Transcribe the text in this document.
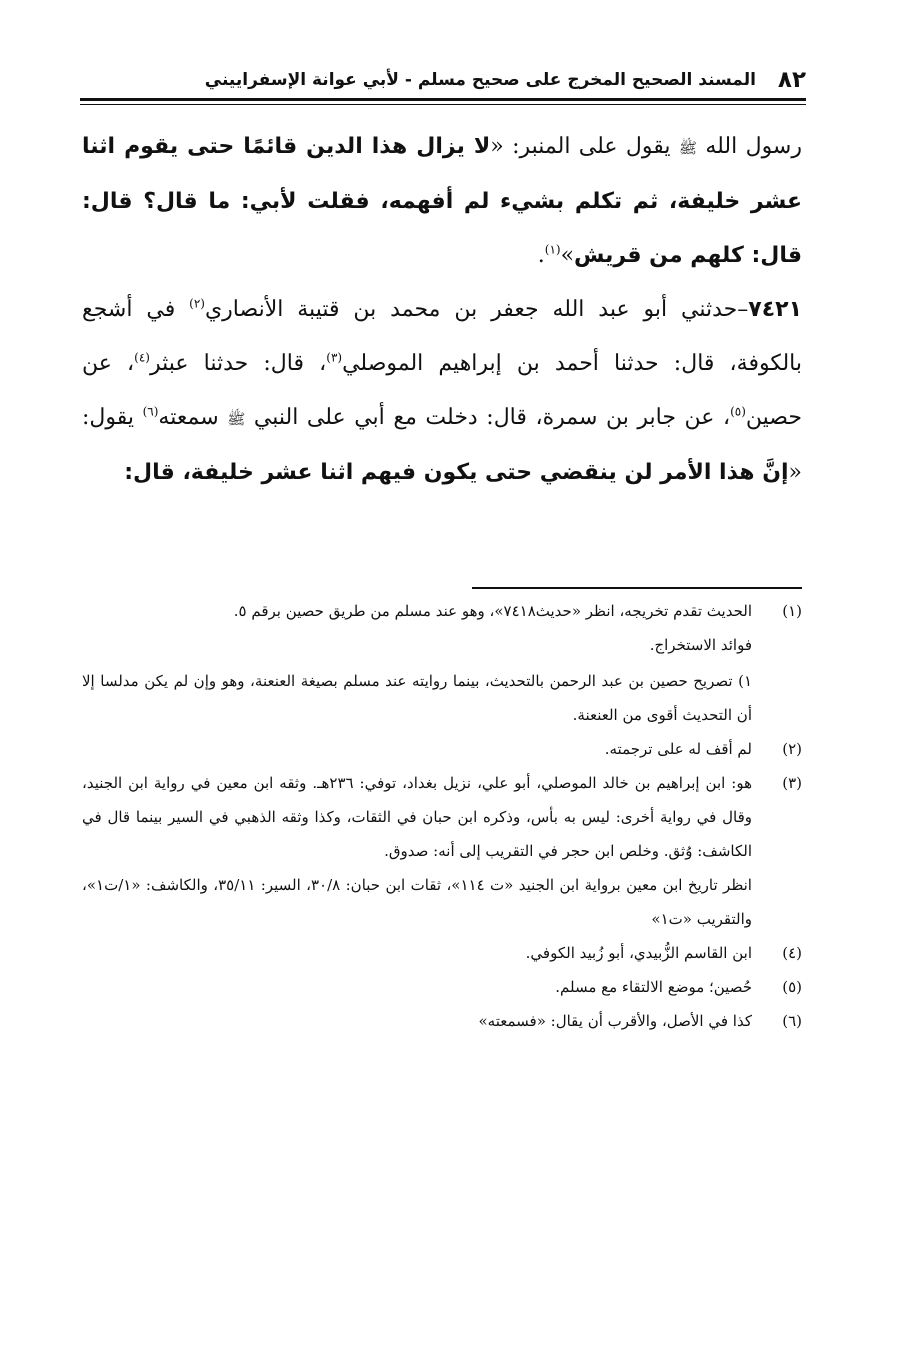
٨٢
المسند الصحيح المخرج على صحيح مسلم - لأبي عوانة الإسفراييني

رسول الله ﷺ يقول على المنبر: «لا يزال هذا الدين قائمًا حتى يقوم اثنا عشر خليفة، ثم تكلم بشيء لم أفهمه، فقلت لأبي: ما قال؟ قال: قال: كلهم من قريش»$^{(١)}$.

٧٤٢١–حدثني أبو عبد الله جعفر بن محمد بن قتيبة الأنصاري$^{(٢)}$ في أشجع بالكوفة، قال: حدثنا أحمد بن إبراهيم الموصلي$^{(٣)}$، قال: حدثنا عبثر$^{(٤)}$، عن حصين$^{(٥)}$، عن جابر بن سمرة، قال: دخلت مع أبي على النبي ﷺ سمعته$^{(٦)}$ يقول: «إنَّ هذا الأمر لن ينقضي حتى يكون فيهم اثنا عشر خليفة، قال:

(١)
الحديث تقدم تخريجه، انظر «حديث٧٤١٨»، وهو عند مسلم من طريق حصين برقم ٥.

فوائد الاستخراج.

١) تصريح حصين بن عبد الرحمن بالتحديث، بينما روايته عند مسلم بصيغة العنعنة، وهو وإن لم يكن مدلسا إلا أن التحديث أقوى من العنعنة.

(٢)
لم أقف له على ترجمته.
(٣)
هو: ابن إبراهيم بن خالد الموصلي، أبو علي، نزيل بغداد، توفي: ٢٣٦هـ. وثقه ابن معين في رواية ابن الجنيد، وقال في رواية أخرى: ليس به بأس، وذكره ابن حبان في الثقات، وكذا وثقه الذهبي في السير بينما قال في الكاشف: وُثق. وخلص ابن حجر في التقريب إلى أنه: صدوق.

انظر تاريخ ابن معين برواية ابن الجنيد «ت ١١٤»، ثقات ابن حبان: ٣٠/٨، السير: ٣٥/١١، والكاشف: «١/ت١»، والتقريب «ت١»

(٤)
ابن القاسم الزُّبيدي، أبو زُبيد الكوفي.
(٥)
حُصين؛ موضع الالتقاء مع مسلم.
(٦)
كذا في الأصل، والأقرب أن يقال: «فسمعته»
